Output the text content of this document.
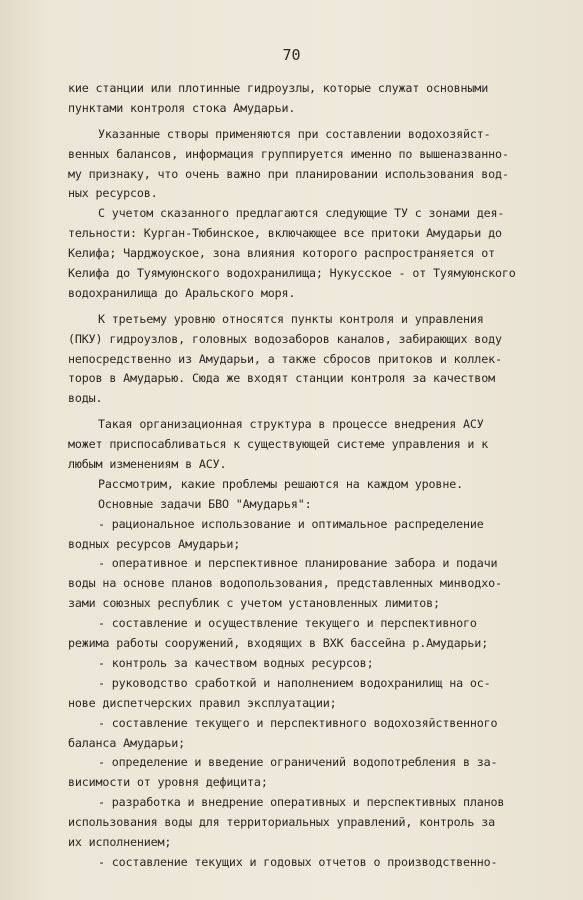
70
кие станции или плотинные гидроузлы, которые служат основными
пунктами контроля стока Амударьи.
Указанные створы применяются при составлении водохозяйст-
венных балансов, информация группируется именно по вышеназванно-
му признаку, что очень важно при планировании использования вод-
ных ресурсов.
С учетом сказанного предлагаются следующие ТУ с зонами дея-
тельности: Курган-Тюбинское, включающее все притоки Амударьи до
Келифа; Чарджоуское, зона влияния которого распространяется от
Келифа до Туямуюнского водохранилища; Нукусское - от Туямуюнского
водохранилища до Аральского моря.
К третьему уровню относятся пункты контроля и управления
(ПКУ) гидроузлов, головных водозаборов каналов, забирающих воду
непосредственно из Амударьи, а также сбросов притоков и коллек-
торов в Амударью. Сюда же входят станции контроля за качеством
воды.
Такая организационная структура в процессе внедрения АСУ
может приспосабливаться к существующей системе управления и к
любым изменениям в АСУ.
Рассмотрим, какие проблемы решаются на каждом уровне.
Основные задачи БВО "Амударья":
- рациональное использование и оптимальное распределение
водных ресурсов Амударьи;
- оперативное и перспективное планирование забора и подачи
воды на основе планов водопользования, представленных минводхо-
зами союзных республик с учетом установленных лимитов;
- составление и осуществление текущего и перспективного
режима работы сооружений, входящих в ВХК бассейна р.Амударьи;
- контроль за качеством водных ресурсов;
- руководство сработкой и наполнением водохранилищ на ос-
нове диспетчерских правил эксплуатации;
- составление текущего и перспективного водохозяйственного
баланса Амударьи;
- определение и введение ограничений водопотребления в за-
висимости от уровня дефицита;
- разработка и внедрение оперативных и перспективных планов
использования воды для территориальных управлений, контроль за
их исполнением;
- составление текущих и годовых отчетов о производственно-
